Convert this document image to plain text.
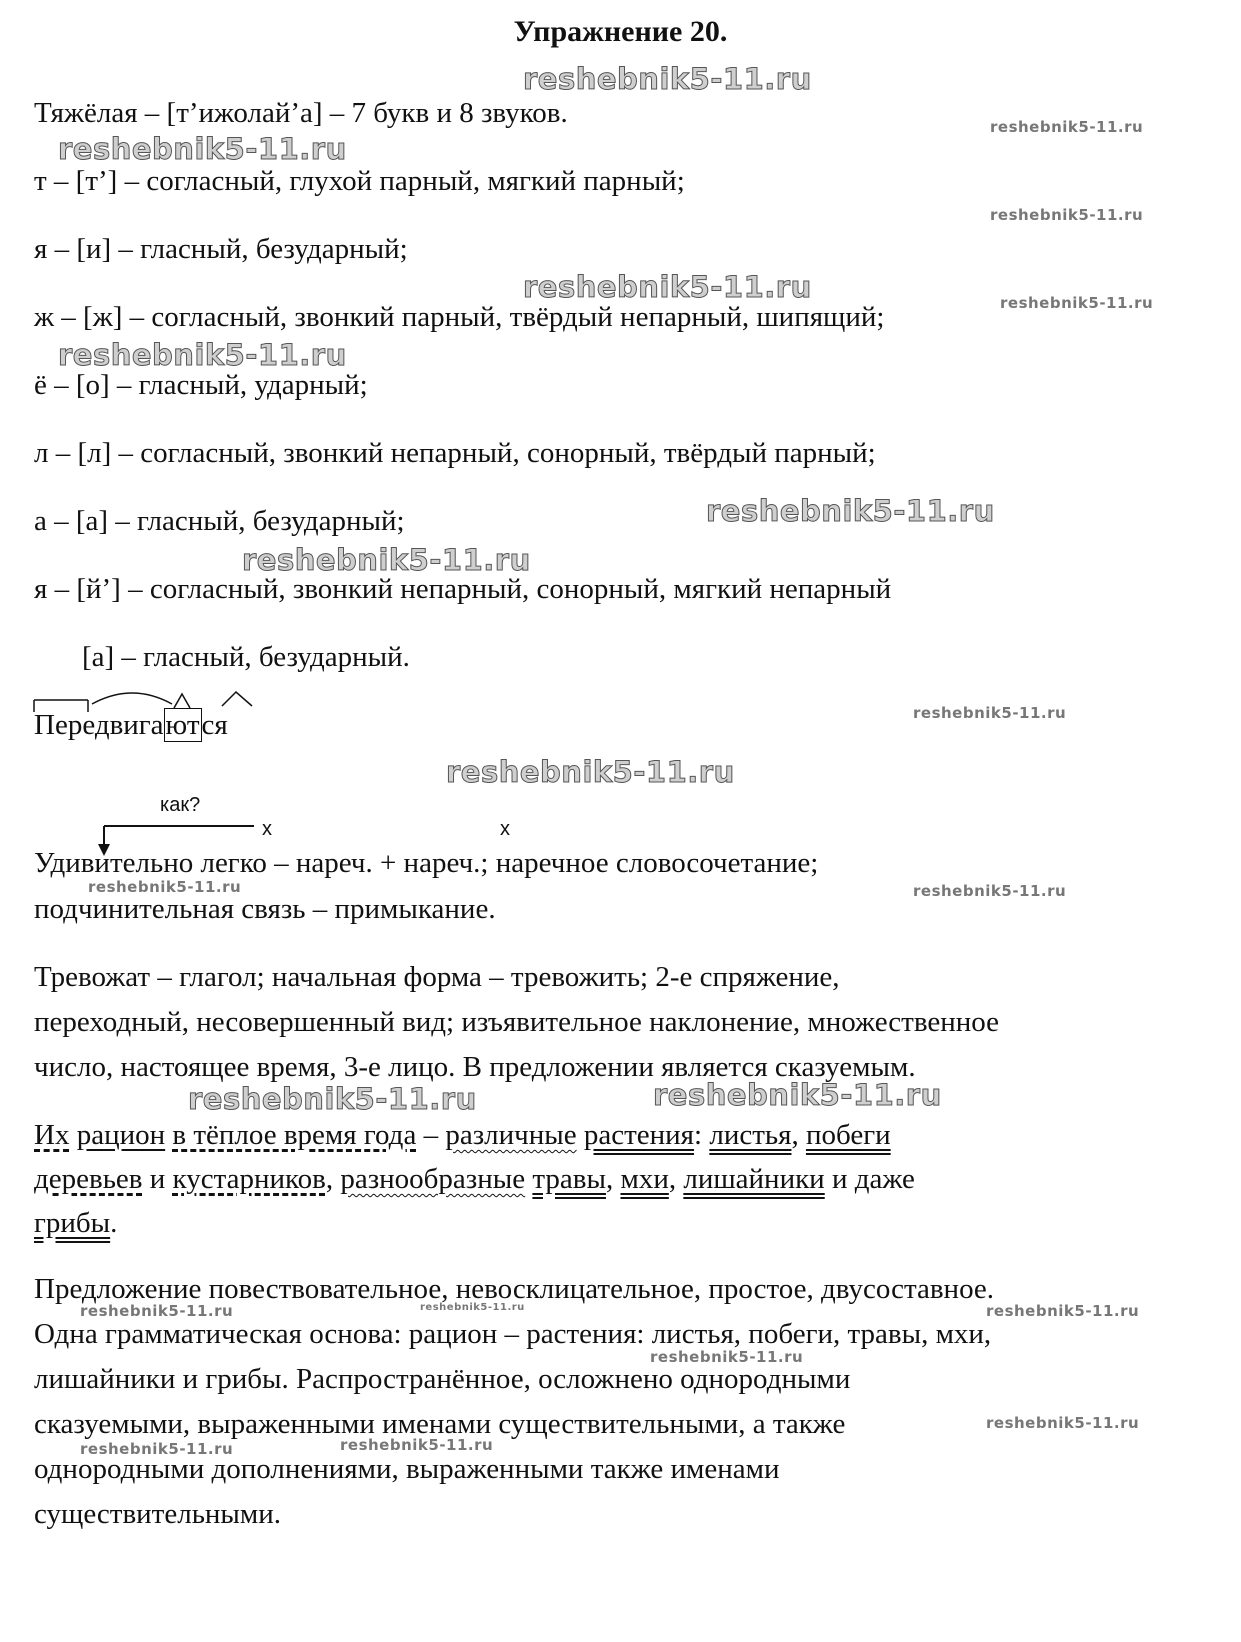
Упражнение 20.
reshebnik5-11.ru
reshebnik5-11.ru
reshebnik5-11.ru
reshebnik5-11.ru
reshebnik5-11.ru	reshebnik5-11.ru
reshebnik5-11.ru
reshebnik5-11.ru
reshebnik5-11.ru
reshebnik5-11.ru
reshebnik5-11.ru
reshebnik5-11.ru	reshebnik5-11.ru
reshebnik5-11.ru	reshebnik5-11.ru
reshebnik5-11.ru	reshebnik5-11.ru	reshebnik5-11.ru
reshebnik5-11.ru
reshebnik5-11.ru
reshebnik5-11.ru	reshebnik5-11.ru
Тяжёлая – [т’ижолай’а] – 7 букв и 8 звуков.
т – [т’] – согласный, глухой парный, мягкий парный;
я – [и] – гласный, безударный;
ж – [ж] – согласный, звонкий парный, твёрдый непарный, шипящий;
ё – [о] – гласный, ударный;
л – [л] – согласный, звонкий непарный, сонорный, твёрдый парный;
а – [а] – гласный, безударный;
я – [й’] – согласный, звонкий непарный, сонорный, мягкий непарный
[а] – гласный, безударный.
Передвигаются
как?
x	x
Удивительно легко – нареч. + нареч.; наречное словосочетание;
подчинительная связь – примыкание.
Тревожат – глагол; начальная форма – тревожить; 2-е спряжение,
переходный, несовершенный вид; изъявительное наклонение, множественное
число, настоящее время, 3-е лицо. В предложении является сказуемым.
Их рацион в тёплое время года – различные растения: листья, побеги
деревьев и кустарников, разнообразные травы, мхи, лишайники и даже
грибы.
Предложение повествовательное, невосклицательное, простое, двусоставное.
Одна грамматическая основа: рацион – растения: листья, побеги, травы, мхи,
лишайники и грибы. Распространённое, осложнено однородными
сказуемыми, выраженными именами существительными, а также
однородными дополнениями, выраженными также именами
существительными.
